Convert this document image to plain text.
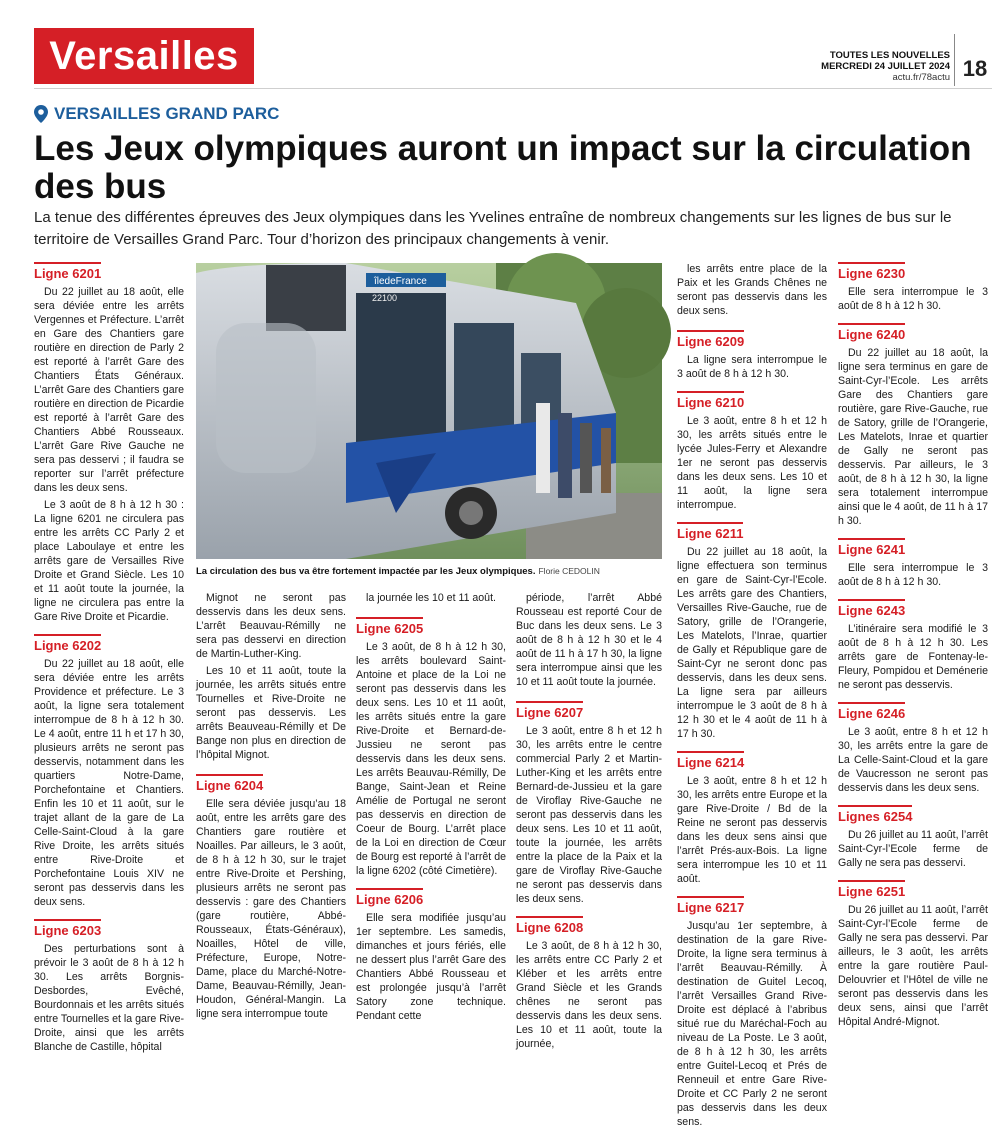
Versailles	TOUTES LES NOUVELLES
MERCREDI 24 JUILLET 2024
actu.fr/78actu 18
VERSAILLES GRAND PARC
Les Jeux olympiques auront un impact sur la circulation des bus

La tenue des différentes épreuves des Jeux olympiques dans les Yvelines entraîne de nombreux changements sur les lignes de bus sur le territoire de Versailles Grand Parc. Tour d’horizon des principaux changements à venir.

Ligne 6201

Du 22 juillet au 18 août, elle sera déviée entre les arrêts Vergennes et Préfecture. L’arrêt en Gare des Chantiers gare routière en direction de Parly 2 est reporté à l’arrêt Gare des Chantiers États Généraux. L’arrêt Gare des Chantiers gare routière en direction de Picardie est reporté à l’arrêt Gare des Chantiers Abbé Rousseaux. L’arrêt Gare Rive Gauche ne sera pas desservi ; il faudra se reporter sur l’arrêt préfecture dans les deux sens.

Le 3 août de 8 h à 12 h 30 : La ligne 6201 ne circulera pas entre les arrêts CC Parly 2 et place Laboulaye et entre les arrêts gare de Versailles Rive Droite et Grand Siècle. Les 10 et 11 août toute la journée, la ligne ne circulera pas entre la Gare Rive Droite et Picardie.

Ligne 6202

Du 22 juillet au 18 août, elle sera déviée entre les arrêts Providence et préfecture. Le 3 août, la ligne sera totalement interrompue de 8 h à 12 h 30. Le 4 août, entre 11 h et 17 h 30, plusieurs arrêts ne seront pas desservis, notamment dans les quartiers Notre-Dame, Porchefontaine et Chantiers. Enfin les 10 et 11 août, sur le trajet allant de la gare de La Celle-Saint-Cloud à la gare Rive Droite, les arrêts situés entre Rive-Droite et Porchefontaine Louis XIV ne seront pas desservis dans les deux sens.

Ligne 6203

Des perturbations sont à prévoir le 3 août de 8 h à 12 h 30. Les arrêts Borgnis-Desbordes, Evêché, Bourdonnais et les arrêts situés entre Tournelles et la gare Rive-Droite, ainsi que les arrêts Blanche de Castille, hôpital

îledeFrance
22100
La circulation des bus va être fortement impactée par les Jeux olympiques. Florie CEDOLIN

Mignot ne seront pas desservis dans les deux sens. L’arrêt Beauvau-Rémilly ne sera pas desservi en direction de Martin-Luther-King.

Les 10 et 11 août, toute la journée, les arrêts situés entre Tournelles et Rive-Droite ne seront pas desservis. Les arrêts Beauveau-Rémilly et De Bange non plus en direction de l’hôpital Mignot.

Ligne 6204

Elle sera déviée jusqu’au 18 août, entre les arrêts gare des Chantiers gare routière et Noailles. Par ailleurs, le 3 août, de 8 h à 12 h 30, sur le trajet entre Rive-Droite et Pershing, plusieurs arrêts ne seront pas desservis : gare des Chantiers (gare routière, Abbé-Rousseaux, États-Généraux), Noailles, Hôtel de ville, Préfecture, Europe, Notre-Dame, place du Marché-Notre-Dame, Beauvau-Rémilly, Jean-Houdon, Général-Mangin. La ligne sera interrompue toute

la journée les 10 et 11 août.

Ligne 6205

Le 3 août, de 8 h à 12 h 30, les arrêts boulevard Saint-Antoine et place de la Loi ne seront pas desservis dans les deux sens. Les 10 et 11 août, les arrêts situés entre la gare Rive-Droite et Bernard-de-Jussieu ne seront pas desservis dans les deux sens. Les arrêts Beauvau-Rémilly, De Bange, Saint-Jean et Reine Amélie de Portugal ne seront pas desservis en direction de Coeur de Bourg. L’arrêt place de la Loi en direction de Cœur de Bourg est reporté à l’arrêt de la ligne 6202 (côté Cimetière).

Ligne 6206

Elle sera modifiée jusqu’au 1er septembre. Les samedis, dimanches et jours fériés, elle ne dessert plus l’arrêt Gare des Chantiers Abbé Rousseau et est prolongée jusqu’à l’arrêt Satory zone technique. Pendant cette

période, l’arrêt Abbé Rousseau est reporté Cour de Buc dans les deux sens. Le 3 août de 8 h à 12 h 30 et le 4 août de 11 h à 17 h 30, la ligne sera interrompue ainsi que les 10 et 11 août toute la journée.

Ligne 6207

Le 3 août, entre 8 h et 12 h 30, les arrêts entre le centre commercial Parly 2 et Martin-Luther-King et les arrêts entre Bernard-de-Jussieu et la gare de Viroflay Rive-Gauche ne seront pas desservis dans les deux sens. Les 10 et 11 août, toute la journée, les arrêts entre la place de la Paix et la gare de Viroflay Rive-Gauche ne seront pas desservis dans les deux sens.

Ligne 6208

Le 3 août, de 8 h à 12 h 30, les arrêts entre CC Parly 2 et Kléber et les arrêts entre Grand Siècle et les Grands chênes ne seront pas desservis dans les deux sens. Les 10 et 11 août, toute la journée,

les arrêts entre place de la Paix et les Grands Chênes ne seront pas desservis dans les deux sens.

Ligne 6209

La ligne sera interrompue le 3 août de 8 h à 12 h 30.

Ligne 6210

Le 3 août, entre 8 h et 12 h 30, les arrêts situés entre le lycée Jules-Ferry et Alexandre 1er ne seront pas desservis dans les deux sens. Les 10 et 11 août, la ligne sera interrompue.

Ligne 6211

Du 22 juillet au 18 août, la ligne effectuera son terminus en gare de Saint-Cyr-l’Ecole. Les arrêts gare des Chantiers, Versailles Rive-Gauche, rue de Satory, grille de l’Orangerie, Les Matelots, l’Inrae, quartier de Gally et République gare de Saint-Cyr ne seront donc pas desservis, dans les deux sens. La ligne sera par ailleurs interrompue le 3 août de 8 h à 12 h 30 et le 4 août de 11 h à 17 h 30.

Ligne 6214

Le 3 août, entre 8 h et 12 h 30, les arrêts entre Europe et la gare Rive-Droite / Bd de la Reine ne seront pas desservis dans les deux sens ainsi que l’arrêt Prés-aux-Bois. La ligne sera interrompue les 10 et 11 août.

Ligne 6217

Jusqu’au 1er septembre, à destination de la gare Rive-Droite, la ligne sera terminus à l’arrêt Beauvau-Rémilly. À destination de Guitel Lecoq, l’arrêt Versailles Grand Rive-Droite est déplacé à l’abribus situé rue du Maréchal-Foch au niveau de La Poste. Le 3 août, de 8 h à 12 h 30, les arrêts entre Guitel-Lecoq et Prés de Renneuil et entre Gare Rive-Droite et CC Parly 2 ne seront pas desservis dans les deux sens.

Ligne 6230

Elle sera interrompue le 3 août de 8 h à 12 h 30.

Ligne 6240

Du 22 juillet au 18 août, la ligne sera terminus en gare de Saint-Cyr-l’Ecole. Les arrêts Gare des Chantiers gare routière, gare Rive-Gauche, rue de Satory, grille de l’Orangerie, Les Matelots, Inrae et quartier de Gally ne seront pas desservis. Par ailleurs, le 3 août, de 8 h à 12 h 30, la ligne sera totalement interrompue ainsi que le 4 août, de 11 h à 17 h 30.

Ligne 6241

Elle sera interrompue le 3 août de 8 h à 12 h 30.

Ligne 6243

L’itinéraire sera modifié le 3 août de 8 h à 12 h 30. Les arrêts gare de Fontenay-le-Fleury, Pompidou et Deménerie ne seront pas desservis.

Ligne 6246

Le 3 août, entre 8 h et 12 h 30, les arrêts entre la gare de La Celle-Saint-Cloud et la gare de Vaucresson ne seront pas desservis dans les deux sens.

Lignes 6254

Du 26 juillet au 11 août, l’arrêt Saint-Cyr-l’Ecole ferme de Gally ne sera pas desservi.

Ligne 6251

Du 26 juillet au 11 août, l’arrêt Saint-Cyr-l’Ecole ferme de Gally ne sera pas desservi. Par ailleurs, le 3 août, les arrêts entre la gare routière Paul-Delouvrier et l’Hôtel de ville ne seront pas desservis dans les deux sens, ainsi que l’arrêt Hôpital André-Mignot.
